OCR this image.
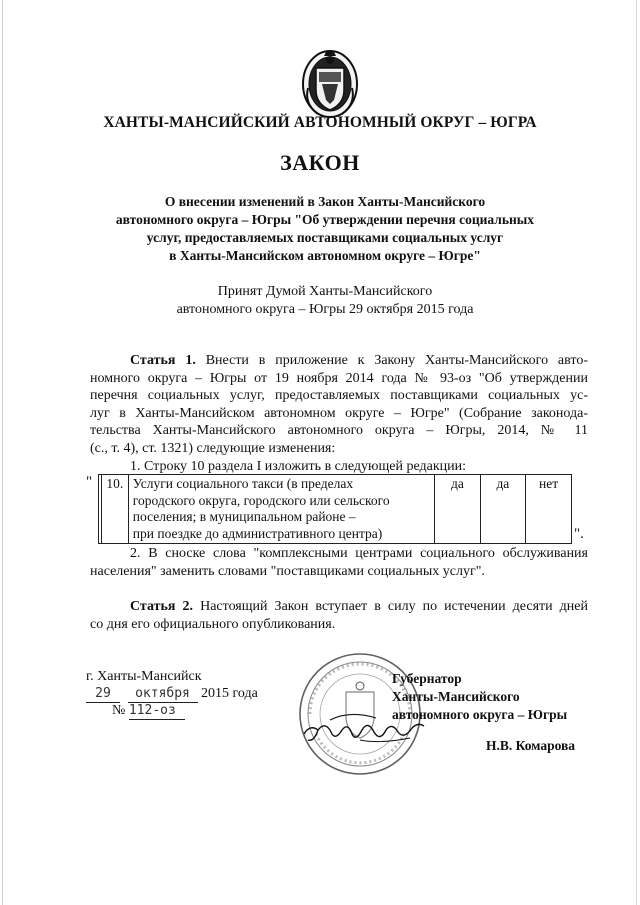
ХАНТЫ-МАНСИЙСКИЙ АВТОНОМНЫЙ ОКРУГ – ЮГРА
ЗАКОН
О внесении изменений в Закон Ханты-Мансийского
автономного округа – Югры "Об утверждении перечня социальных
услуг, предоставляемых поставщиками социальных услуг
в Ханты-Мансийском автономном округе – Югре"
Принят Думой Ханты-Мансийского
автономного округа – Югры 29 октября 2015 года
Статья 1. Внести в приложение к Закону Ханты-Мансийского авто-
номного округа – Югры от 19 ноября 2014 года № 93-оз "Об утверждении
перечня социальных услуг, предоставляемых поставщиками социальных ус-
луг в Ханты-Мансийском автономном округе – Югре" (Собрание законода-
тельства Ханты-Мансийского автономного округа – Югры, 2014, № 11
(с., т. 4), ст. 1321) следующие изменения:
1. Строку 10 раздела I изложить в следующей редакции:
"
	10.	Услуги социального такси (в пределах
городского округа, городского или сельского
поселения; в муниципальном районе –
при поездке до административного центра)
	да	да	нет
".
2. В сноске слова "комплексными центрами социального обслуживания
населения" заменить словами "поставщиками социальных услуг".
Статья 2. Настоящий Закон вступает в силу по истечении десяти дней
со дня его официального опубликования.
г. Ханты-Мансийск
29 октября 2015 года
№ 112-оз
Губернатор
Ханты-Мансийского
автономного округа – Югры
Н.В. Комарова
